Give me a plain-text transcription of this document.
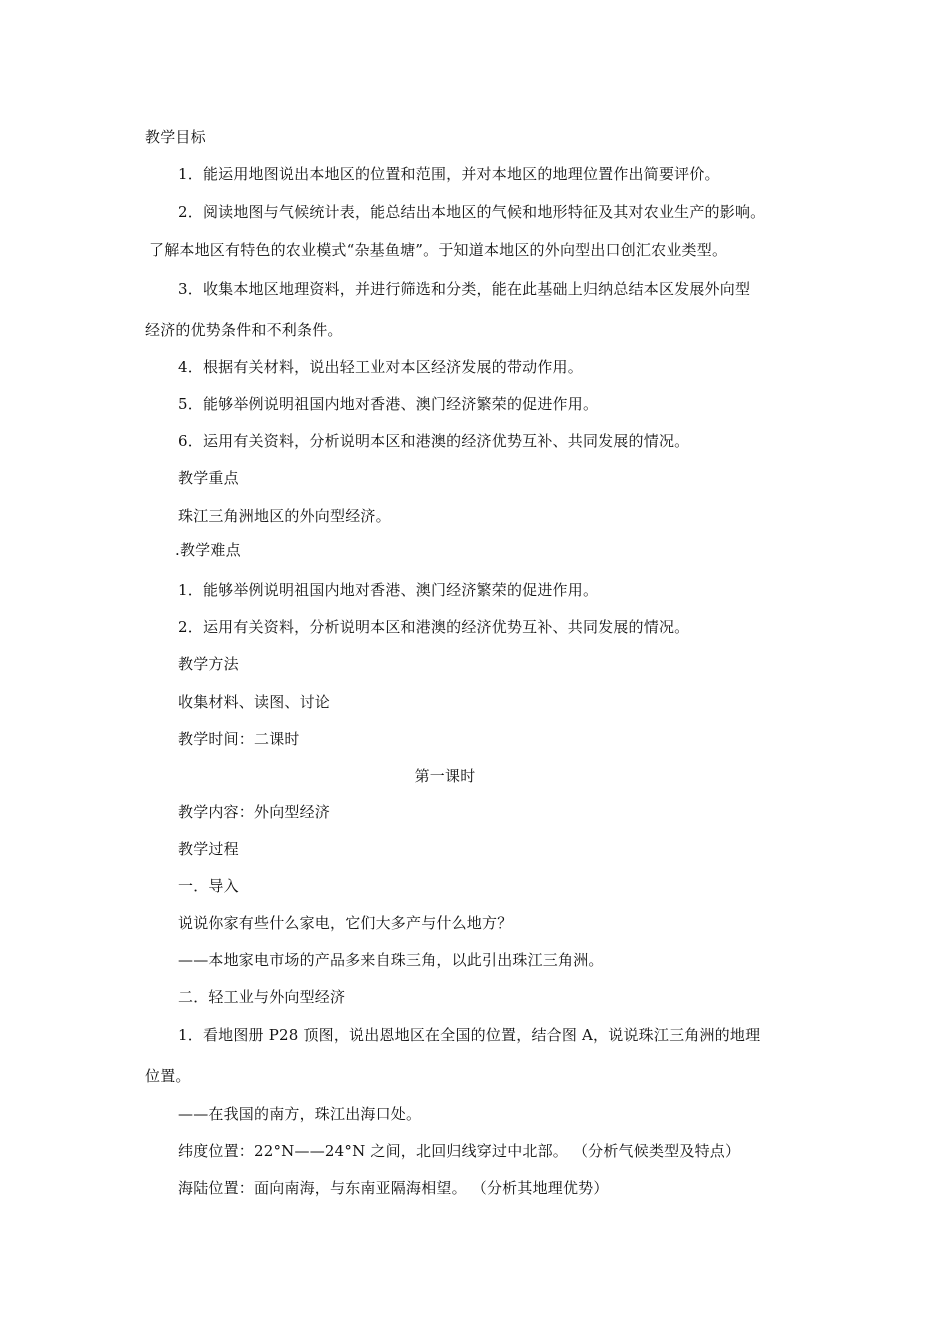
教学目标
1．能运用地图说出本地区的位置和范围，并对本地区的地理位置作出简要评价。
2．阅读地图与气候统计表，能总结出本地区的气候和地形特征及其对农业生产的影响。
了解本地区有特色的农业模式“杂基鱼塘”。于知道本地区的外向型出口创汇农业类型。
3．收集本地区地理资料，并进行筛选和分类，能在此基础上归纳总结本区发展外向型
经济的优势条件和不利条件。
4．根据有关材料，说出轻工业对本区经济发展的带动作用。
5．能够举例说明祖国内地对香港、澳门经济繁荣的促进作用。
6．运用有关资料，分析说明本区和港澳的经济优势互补、共同发展的情况。
教学重点
珠江三角洲地区的外向型经济。
.教学难点
1．能够举例说明祖国内地对香港、澳门经济繁荣的促进作用。
2．运用有关资料，分析说明本区和港澳的经济优势互补、共同发展的情况。
教学方法
收集材料、读图、讨论
教学时间：二课时
第一课时
教学内容：外向型经济
教学过程
一．导入
说说你家有些什么家电，它们大多产与什么地方？
——本地家电市场的产品多来自珠三角，以此引出珠江三角洲。
二．轻工业与外向型经济
1．看地图册 P28 顶图，说出恩地区在全国的位置，结合图 A，说说珠江三角洲的地理
位置。
——在我国的南方，珠江出海口处。
纬度位置：22°N——24°N 之间，北回归线穿过中北部。 （分析气候类型及特点）
海陆位置：面向南海，与东南亚隔海相望。 （分析其地理优势）
